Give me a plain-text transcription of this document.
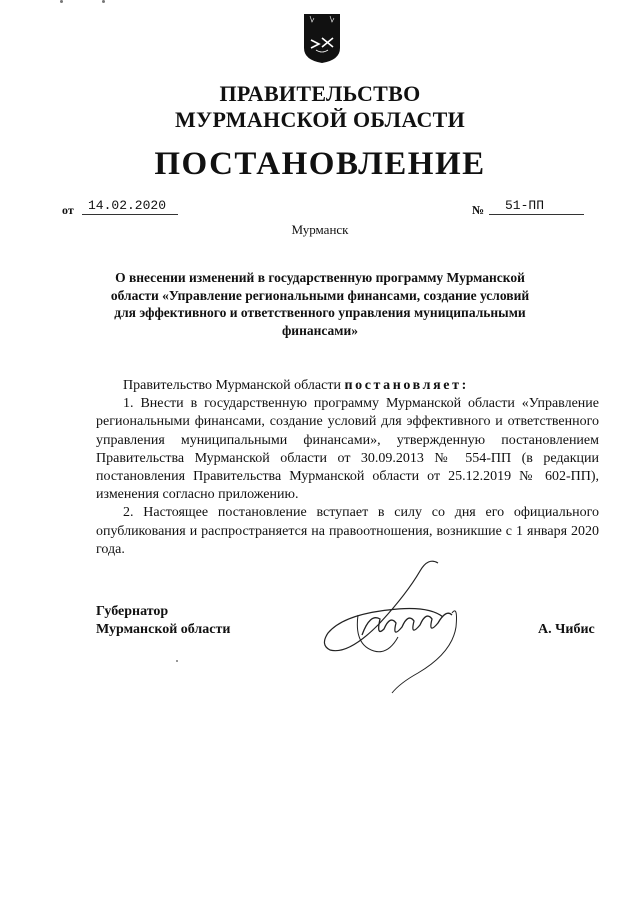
ПРАВИТЕЛЬСТВО
МУРМАНСКОЙ ОБЛАСТИ
ПОСТАНОВЛЕНИЕ
от 14.02.2020	№ 51-ПП
Мурманск
О внесении изменений в государственную программу Мурманской области «Управление региональными финансами, создание условий для эффективного и ответственного управления муниципальными финансами»

Правительство Мурманской области постановляет:

1. Внести в государственную программу Мурманской области «Управление региональными финансами, создание условий для эффективного и ответственного управления муниципальными финансами», утвержденную постановлением Правительства Мурманской области от 30.09.2013 № 554-ПП (в редакции постановления Правительства Мурманской области от 25.12.2019 № 602-ПП), изменения согласно приложению.

2. Настоящее постановление вступает в силу со дня его официального опубликования и распространяется на правоотношения, возникшие с 1 января 2020 года.

Губернатор
Мурманской области	А. Чибис
